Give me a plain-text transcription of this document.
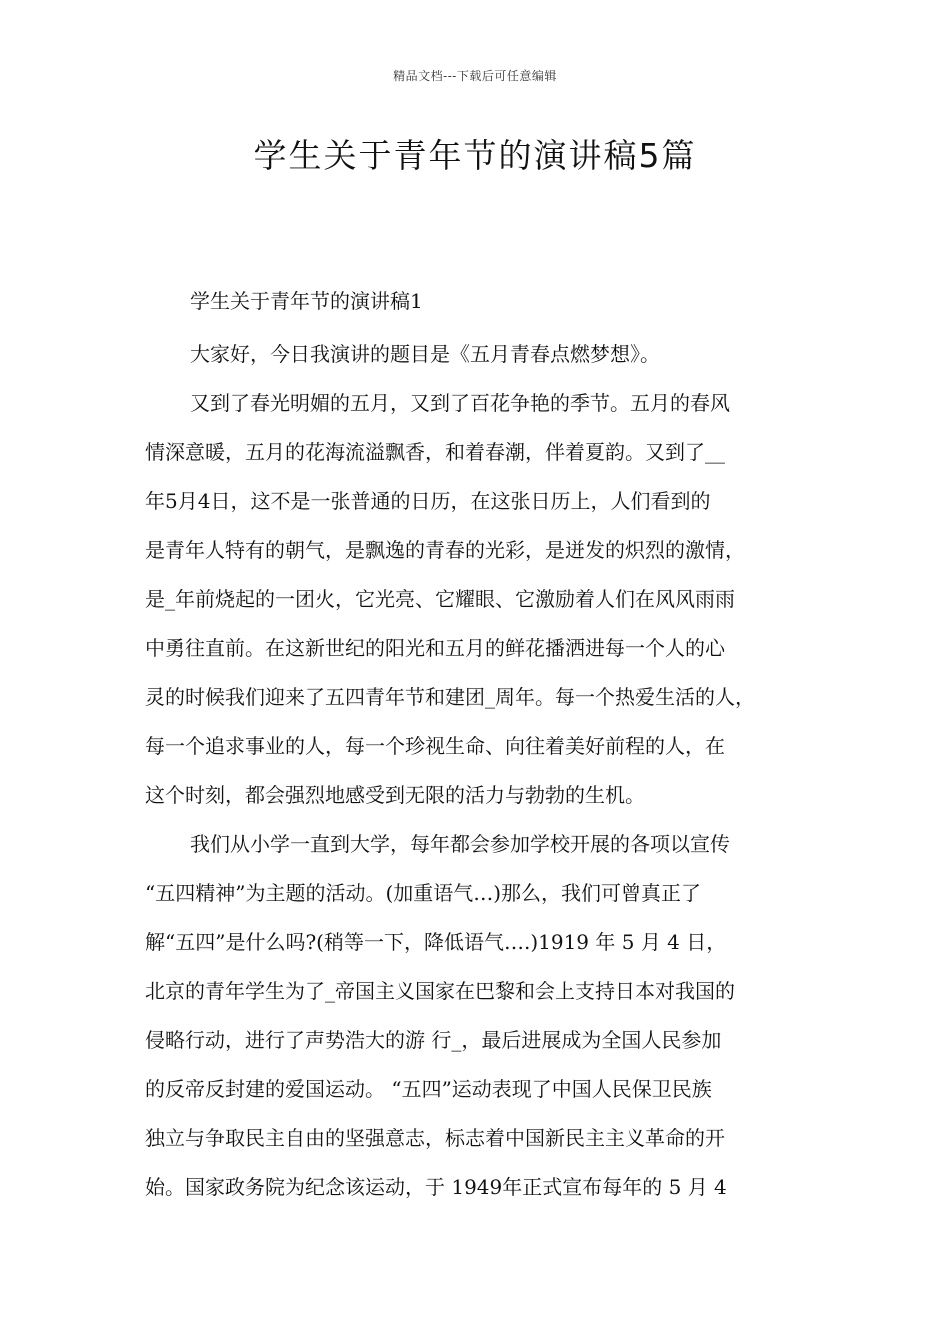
精品文档---下载后可任意编辑
学生关于青年节的演讲稿5篇

学生关于青年节的演讲稿1

大家好，今日我演讲的题目是《五月青春点燃梦想》。

又到了春光明媚的五月，又到了百花争艳的季节。五月的春风
情深意暖，五月的花海流溢飘香，和着春潮，伴着夏韵。又到了__
年5月4日，这不是一张普通的日历，在这张日历上，人们看到的
是青年人特有的朝气，是飘逸的青春的光彩，是迸发的炽烈的激情，
是_年前烧起的一团火，它光亮、它耀眼、它激励着人们在风风雨雨
中勇往直前。在这新世纪的阳光和五月的鲜花播洒进每一个人的心
灵的时候我们迎来了五四青年节和建团_周年。每一个热爱生活的人，
每一个追求事业的人，每一个珍视生命、向往着美好前程的人，在
这个时刻，都会强烈地感受到无限的活力与勃勃的生机。

我们从小学一直到大学，每年都会参加学校开展的各项以宣传
“五四精神”为主题的活动。(加重语气…)那么，我们可曾真正了
解“五四”是什么吗?(稍等一下，降低语气….)1919 年 5 月 4 日，
北京的青年学生为了_帝国主义国家在巴黎和会上支持日本对我国的
侵略行动，进行了声势浩大的游 行_，最后进展成为全国人民参加
的反帝反封建的爱国运动。 “五四”运动表现了中国人民保卫民族
独立与争取民主自由的坚强意志，标志着中国新民主主义革命的开
始。国家政务院为纪念该运动，于 1949年正式宣布每年的 5 月 4
